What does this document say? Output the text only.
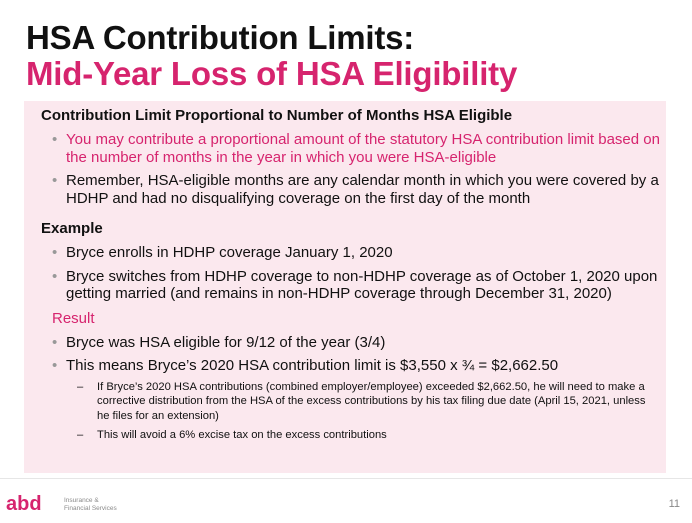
HSA Contribution Limits:
Mid-Year Loss of HSA Eligibility
Contribution Limit Proportional to Number of Months HSA Eligible
• You may contribute a proportional amount of the statutory HSA contribution limit based on the number of months in the year in which you were HSA-eligible
• Remember, HSA-eligible months are any calendar month in which you were covered by a HDHP and had no disqualifying coverage on the first day of the month
Example
• Bryce enrolls in HDHP coverage January 1, 2020
• Bryce switches from HDHP coverage to non-HDHP coverage as of October 1, 2020 upon getting married (and remains in non-HDHP coverage through December 31, 2020)
Result
• Bryce was HSA eligible for 9/12 of the year (3/4)
• This means Bryce’s 2020 HSA contribution limit is $3,550 x ¾ = $2,662.50
– If Bryce’s 2020 HSA contributions (combined employer/employee) exceeded $2,662.50, he will need to make a corrective distribution from the HSA of the excess contributions by his tax filing due date (April 15, 2021, unless he files for an extension)
– This will avoid a 6% excise tax on the excess contributions
abd	Insurance &
Financial Services	11
